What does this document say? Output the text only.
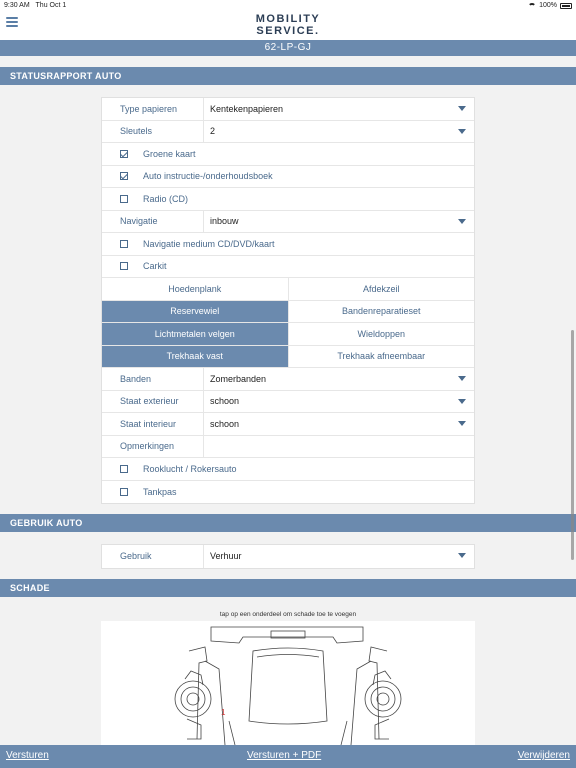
9:30 AM Thu Oct 1	100%
MOBILITY
SERVICE.
62-LP-GJ
STATUSRAPPORT AUTO
Type papieren	Kentekenpapieren
Sleutels	2
Groene kaart
Auto instructie-/onderhoudsboek
Radio (CD)
Navigatie	inbouw
Navigatie medium CD/DVD/kaart
Carkit
Hoedenplank	Afdekzeil
Reservewiel	Bandenreparatieset
Lichtmetalen velgen	Wieldoppen
Trekhaak vast	Trekhaak afneembaar
Banden	Zomerbanden
Staat exterieur	schoon
Staat interieur	schoon
Opmerkingen
Rooklucht / Rokersauto
Tankpas
GEBRUIK AUTO
Gebruik	Verhuur
SCHADE
tap op een onderdeel om schade toe te voegen
1
Versturen	Versturen + PDF	Verwijderen
